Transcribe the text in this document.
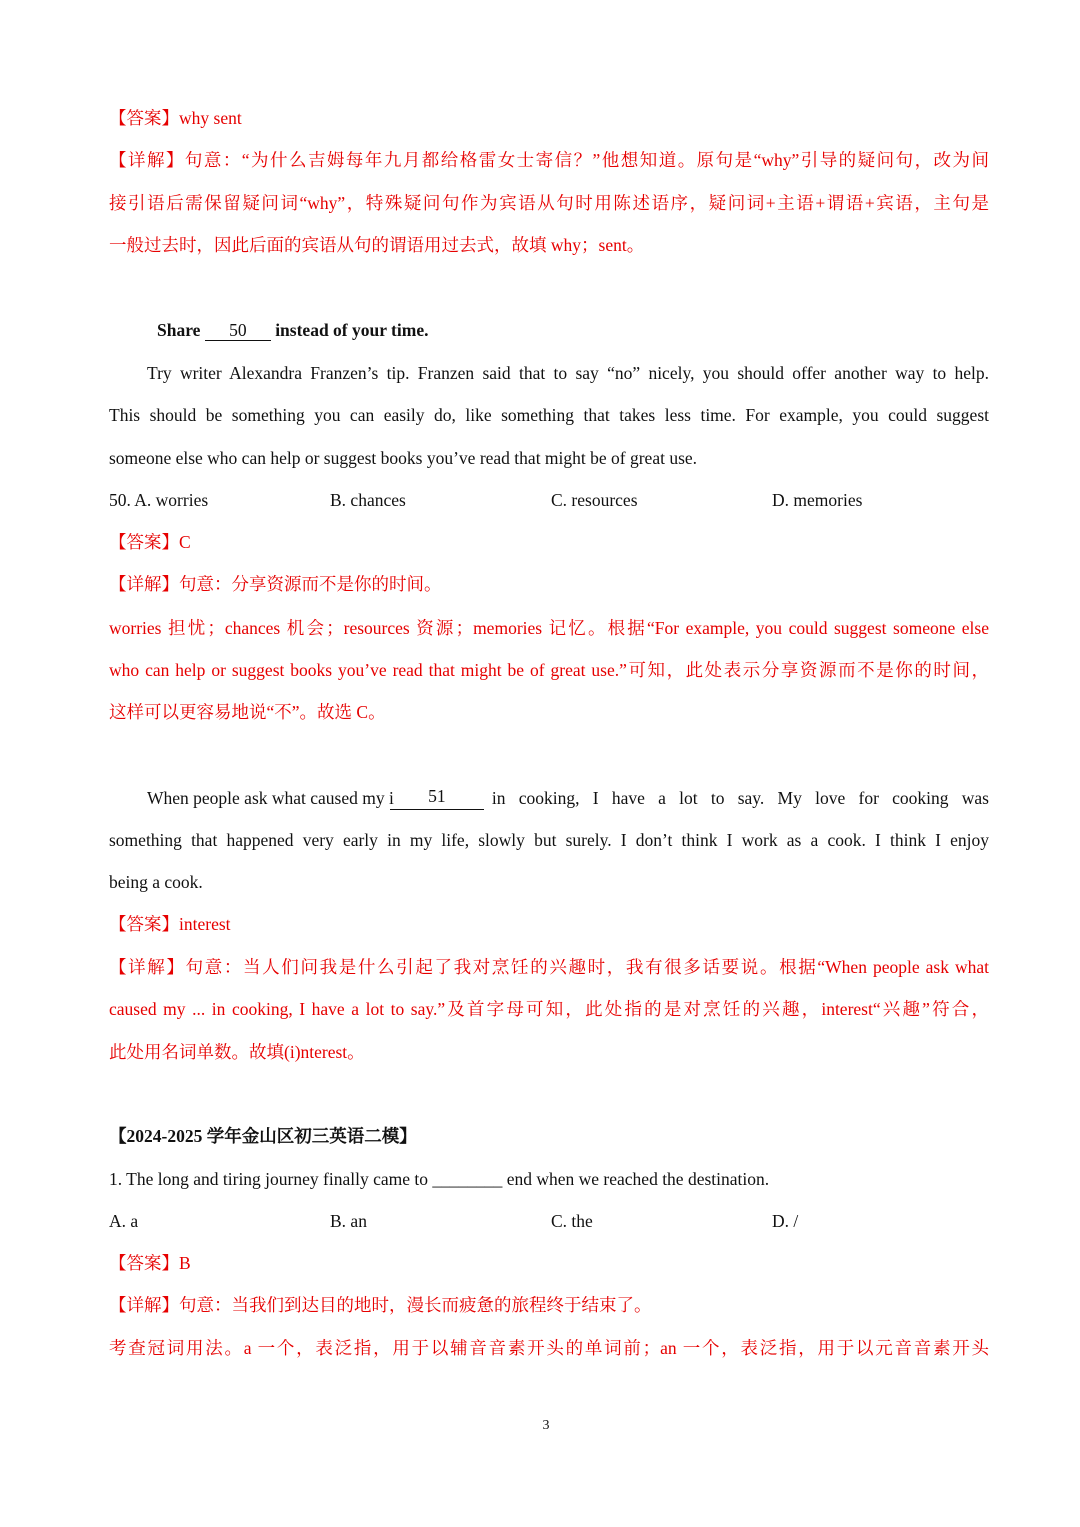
【答案】why sent
【详解】句意：“为什么吉姆每年九月都给格雷女士寄信？”他想知道。原句是“why”引导的疑问句，改为间
接引语后需保留疑问词“why”，特殊疑问句作为宾语从句时用陈述语序，疑问词+主语+谓语+宾语，主句是
一般过去时，因此后面的宾语从句的谓语用过去式，故填 why；sent。
Share 50 instead of your time.
Try writer Alexandra Franzen’s tip. Franzen said that to say “no” nicely, you should offer another way to help.
This should be something you can easily do, like something that takes less time. For example, you could suggest
someone else who can help or suggest books you’ve read that might be of great use.
50. A. worries	B. chances	C. resources	D. memories
【答案】C
【详解】句意：分享资源而不是你的时间。
worries 担忧；chances 机会；resources 资源；memories 记忆。根据“For example, you could suggest someone else
who can help or suggest books you’ve read that might be of great use.”可知，此处表示分享资源而不是你的时间，
这样可以更容易地说“不”。故选 C。
When people ask what caused my i	51	in cooking, I have a lot to say. My love for cooking was
something that happened very early in my life, slowly but surely. I don’t think I work as a cook. I think I enjoy
being a cook.
【答案】interest
【详解】句意：当人们问我是什么引起了我对烹饪的兴趣时，我有很多话要说。根据“When people ask what
caused my ... in cooking, I have a lot to say.”及首字母可知，此处指的是对烹饪的兴趣，interest“兴趣”符合，
此处用名词单数。故填(i)nterest。
【2024-2025 学年金山区初三英语二模】
1. The long and tiring journey finally came to ________ end when we reached the destination.
A. a	B. an	C. the	D. /
【答案】B
【详解】句意：当我们到达目的地时，漫长而疲惫的旅程终于结束了。
考查冠词用法。a 一个，表泛指，用于以辅音音素开头的单词前；an 一个，表泛指，用于以元音音素开头
3
